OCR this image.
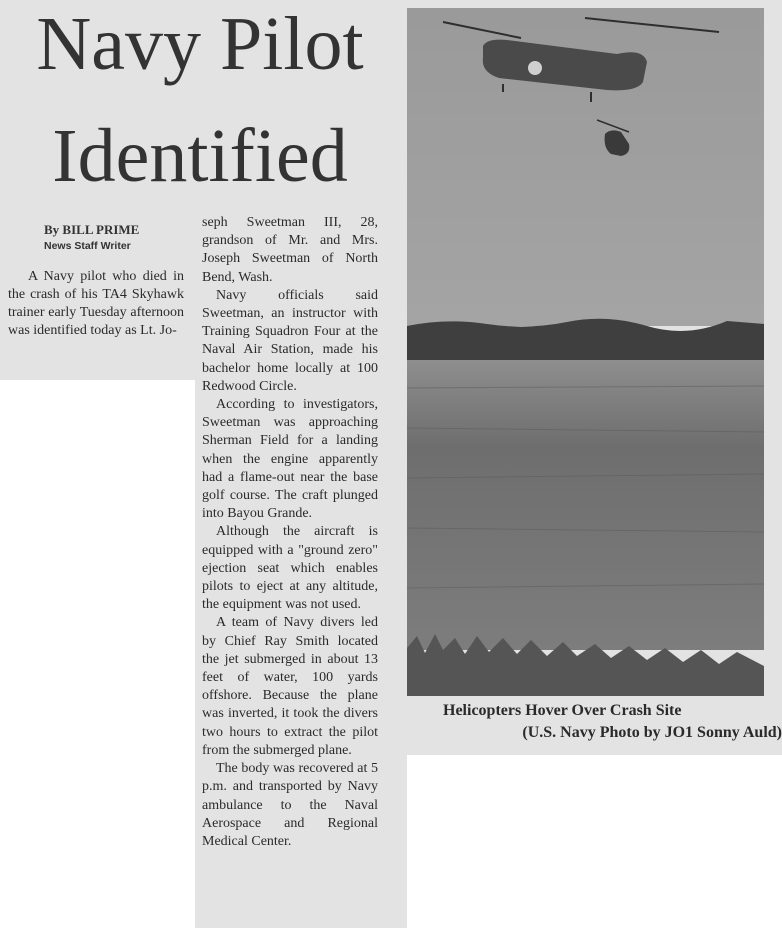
Navy Pilot
Identified
By BILL PRIME
News Staff Writer

A Navy pilot who died in the crash of his TA4 Skyhawk trainer early Tuesday afternoon was identified today as Lt. Jo-

seph Sweetman III, 28, grandson of Mr. and Mrs. Joseph Sweetman of North Bend, Wash.

Navy officials said Sweetman, an instructor with Training Squadron Four at the Naval Air Station, made his bachelor home locally at 100 Redwood Circle.

According to investigators, Sweetman was approaching Sherman Field for a landing when the engine apparently had a flame-out near the base golf course. The craft plunged into Bayou Grande.

Although the aircraft is equipped with a "ground zero" ejection seat which enables pilots to eject at any altitude, the equipment was not used.

A team of Navy divers led by Chief Ray Smith located the jet submerged in about 13 feet of water, 100 yards offshore. Because the plane was inverted, it took the divers two hours to extract the pilot from the submerged plane.

The body was recovered at 5 p.m. and transported by Navy ambulance to the Naval Aerospace and Regional Medical Center.

Helicopters Hover Over Crash Site
(U.S. Navy Photo by JO1 Sonny Auld)
